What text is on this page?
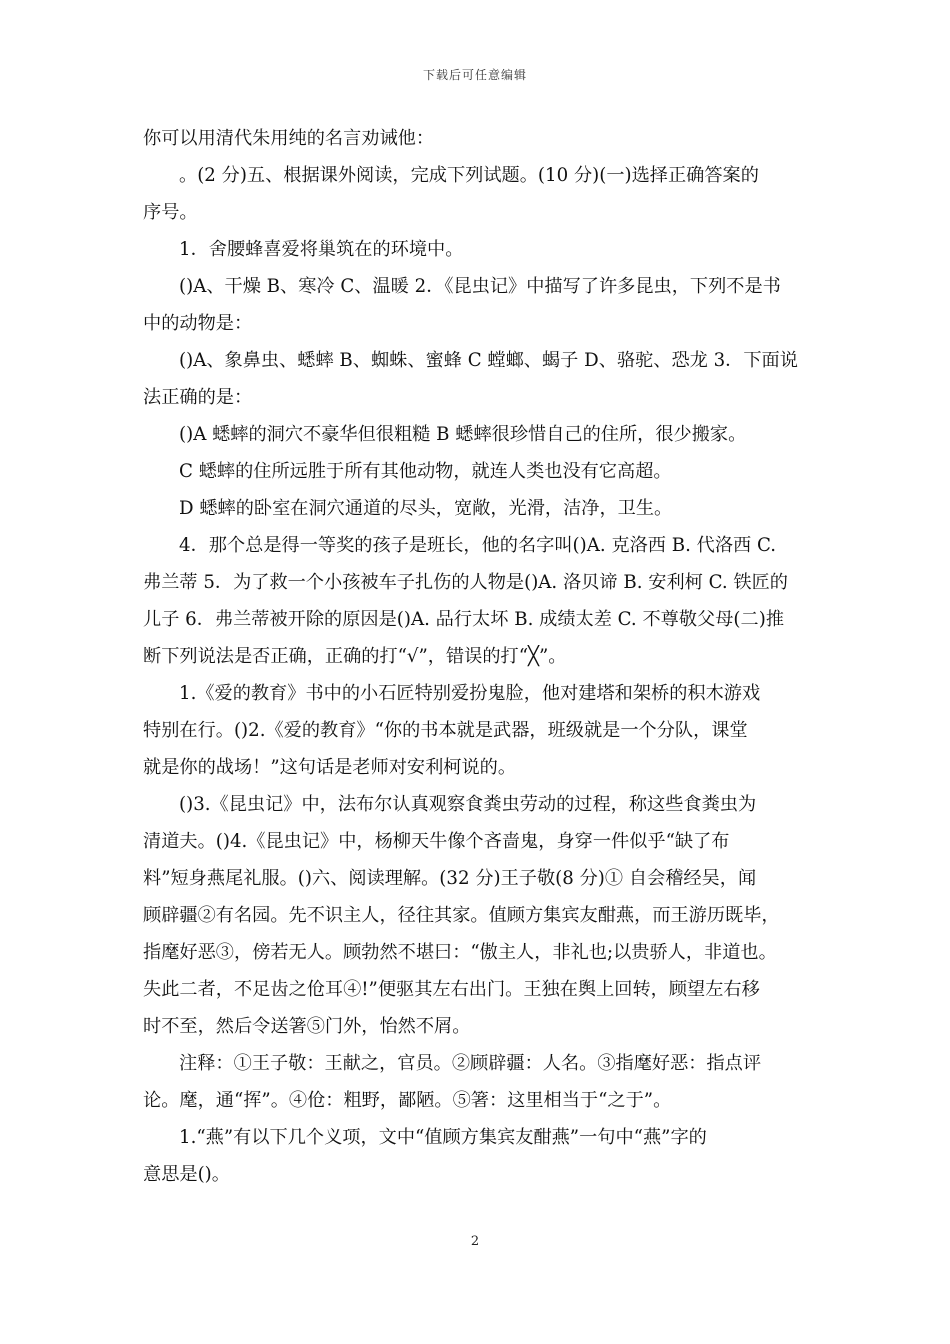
下载后可任意编辑

你可以用清代朱用纯的名言劝诫他：

。(2 分)五、根据课外阅读，完成下列试题。(10 分)(一)选择正确答案的

序号。

1．舍腰蜂喜爱将巢筑在的环境中。

()A、干燥 B、寒冷 C、温暖 2．《昆虫记》中描写了许多昆虫，下列不是书

中的动物是：

()A、象鼻虫、蟋蟀 B、蜘蛛、蜜蜂 C 螳螂、蝎子 D、骆驼、恐龙 3．下面说

法正确的是：

()A 蟋蟀的洞穴不豪华但很粗糙 B 蟋蟀很珍惜自己的住所，很少搬家。

C 蟋蟀的住所远胜于所有其他动物，就连人类也没有它高超。

D 蟋蟀的卧室在洞穴通道的尽头，宽敞，光滑，洁净，卫生。

4．那个总是得一等奖的孩子是班长，他的名字叫()A. 克洛西 B. 代洛西 C.

弗兰蒂 5．为了救一个小孩被车子扎伤的人物是()A. 洛贝谛 B. 安利柯 C. 铁匠的

儿子 6．弗兰蒂被开除的原因是()A. 品行太坏 B. 成绩太差 C. 不尊敬父母(二)推

断下列说法是否正确，正确的打“√”，错误的打“╳”。

1.《爱的教育》书中的小石匠特别爱扮鬼脸，他对建塔和架桥的积木游戏

特别在行。()2.《爱的教育》“你的书本就是武器，班级就是一个分队，课堂

就是你的战场！”这句话是老师对安利柯说的。

()3.《昆虫记》中，法布尔认真观察食粪虫劳动的过程，称这些食粪虫为

清道夫。()4.《昆虫记》中，杨柳天牛像个吝啬鬼，身穿一件似乎“缺了布

料”短身燕尾礼服。()六、阅读理解。(32 分)王子敬(8 分)① 自会稽经吴，闻

顾辟疆②有名园。先不识主人，径往其家。值顾方集宾友酣燕，而王游历既毕，

指麾好恶③，傍若无人。顾勃然不堪曰：“傲主人，非礼也;以贵骄人，非道也。

失此二者，不足齿之伧耳④!”便驱其左右出门。王独在舆上回转，顾望左右移

时不至，然后令送箸⑤门外，怡然不屑。

注释：①王子敬：王献之，官员。②顾辟疆：人名。③指麾好恶：指点评

论。麾，通“挥”。④伧：粗野，鄙陋。⑤箸：这里相当于“之于”。

1.“燕”有以下几个义项，文中“值顾方集宾友酣燕”一句中“燕”字的

意思是()。

2
